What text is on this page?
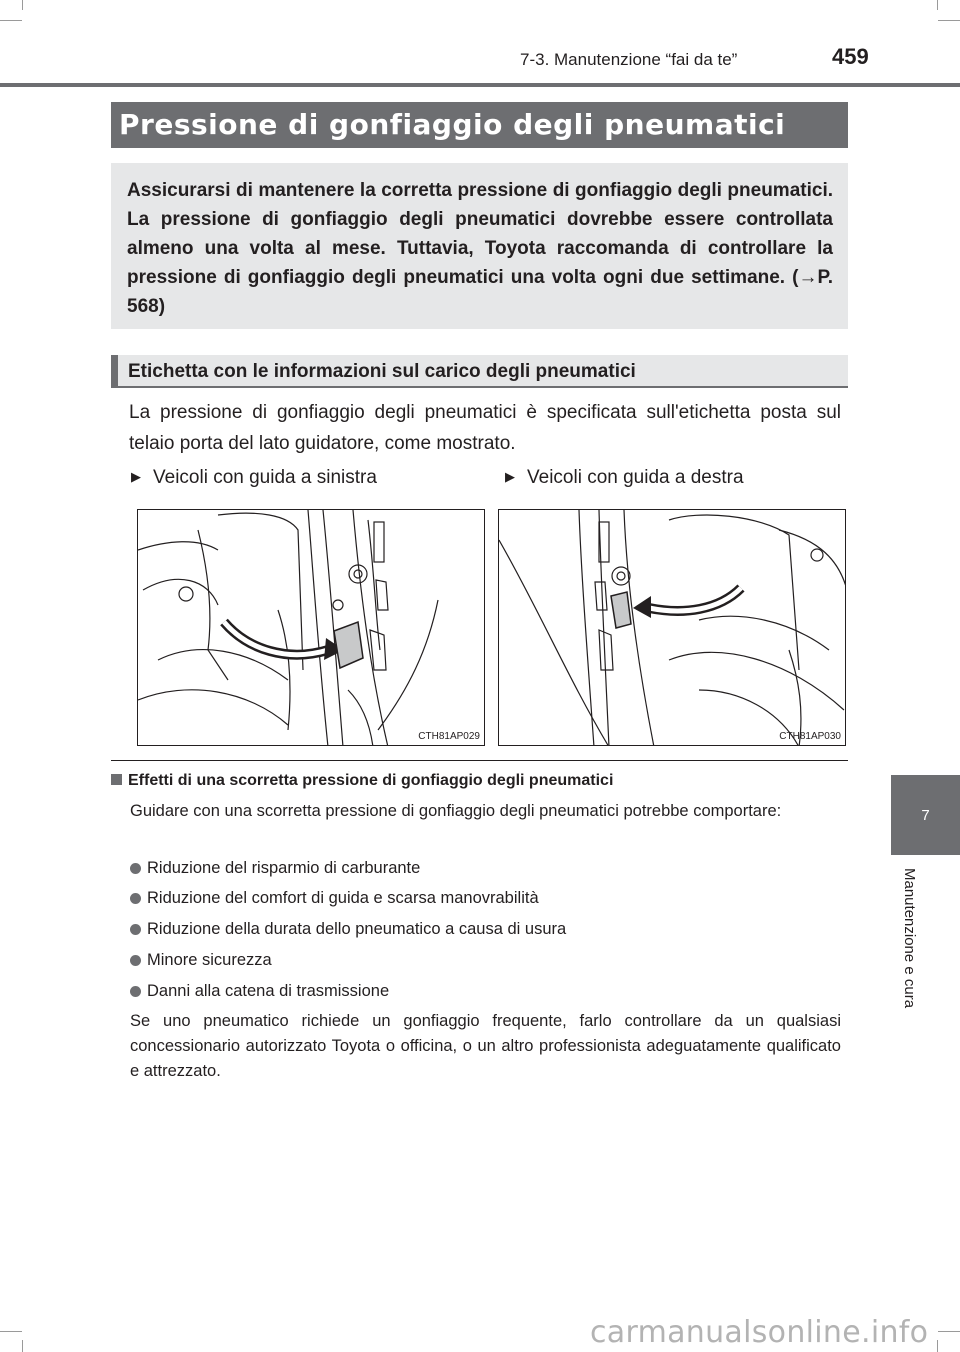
7-3. Manutenzione “fai da te”	459
Pressione di gonfiaggio degli pneumatici
Assicurarsi di mantenere la corretta pressione di gonfiaggio degli pneumatici. La pressione di gonfiaggio degli pneumatici dovrebbe essere controllata almeno una volta al mese. Tuttavia, Toyota raccomanda di controllare la pressione di gonfiaggio degli pneumatici una volta ogni due settimane. (→P. 568)
Etichetta con le informazioni sul carico degli pneumatici
La pressione di gonfiaggio degli pneumatici è specificata sull'etichetta posta sul telaio porta del lato guidatore, come mostrato.
▶ Veicoli con guida a sinistra	▶ Veicoli con guida a destra
CTH81AP029	CTH81AP030
Effetti di una scorretta pressione di gonfiaggio degli pneumatici
Guidare con una scorretta pressione di gonfiaggio degli pneumatici potrebbe comportare:
Riduzione del risparmio di carburante
Riduzione del comfort di guida e scarsa manovrabilità
Riduzione della durata dello pneumatico a causa di usura
Minore sicurezza
Danni alla catena di trasmissione
Se uno pneumatico richiede un gonfiaggio frequente, farlo controllare da un qualsiasi concessionario autorizzato Toyota o officina, o un altro professionista adeguatamente qualificato e attrezzato.
7
Manutenzione e cura
carmanualsonline.info
